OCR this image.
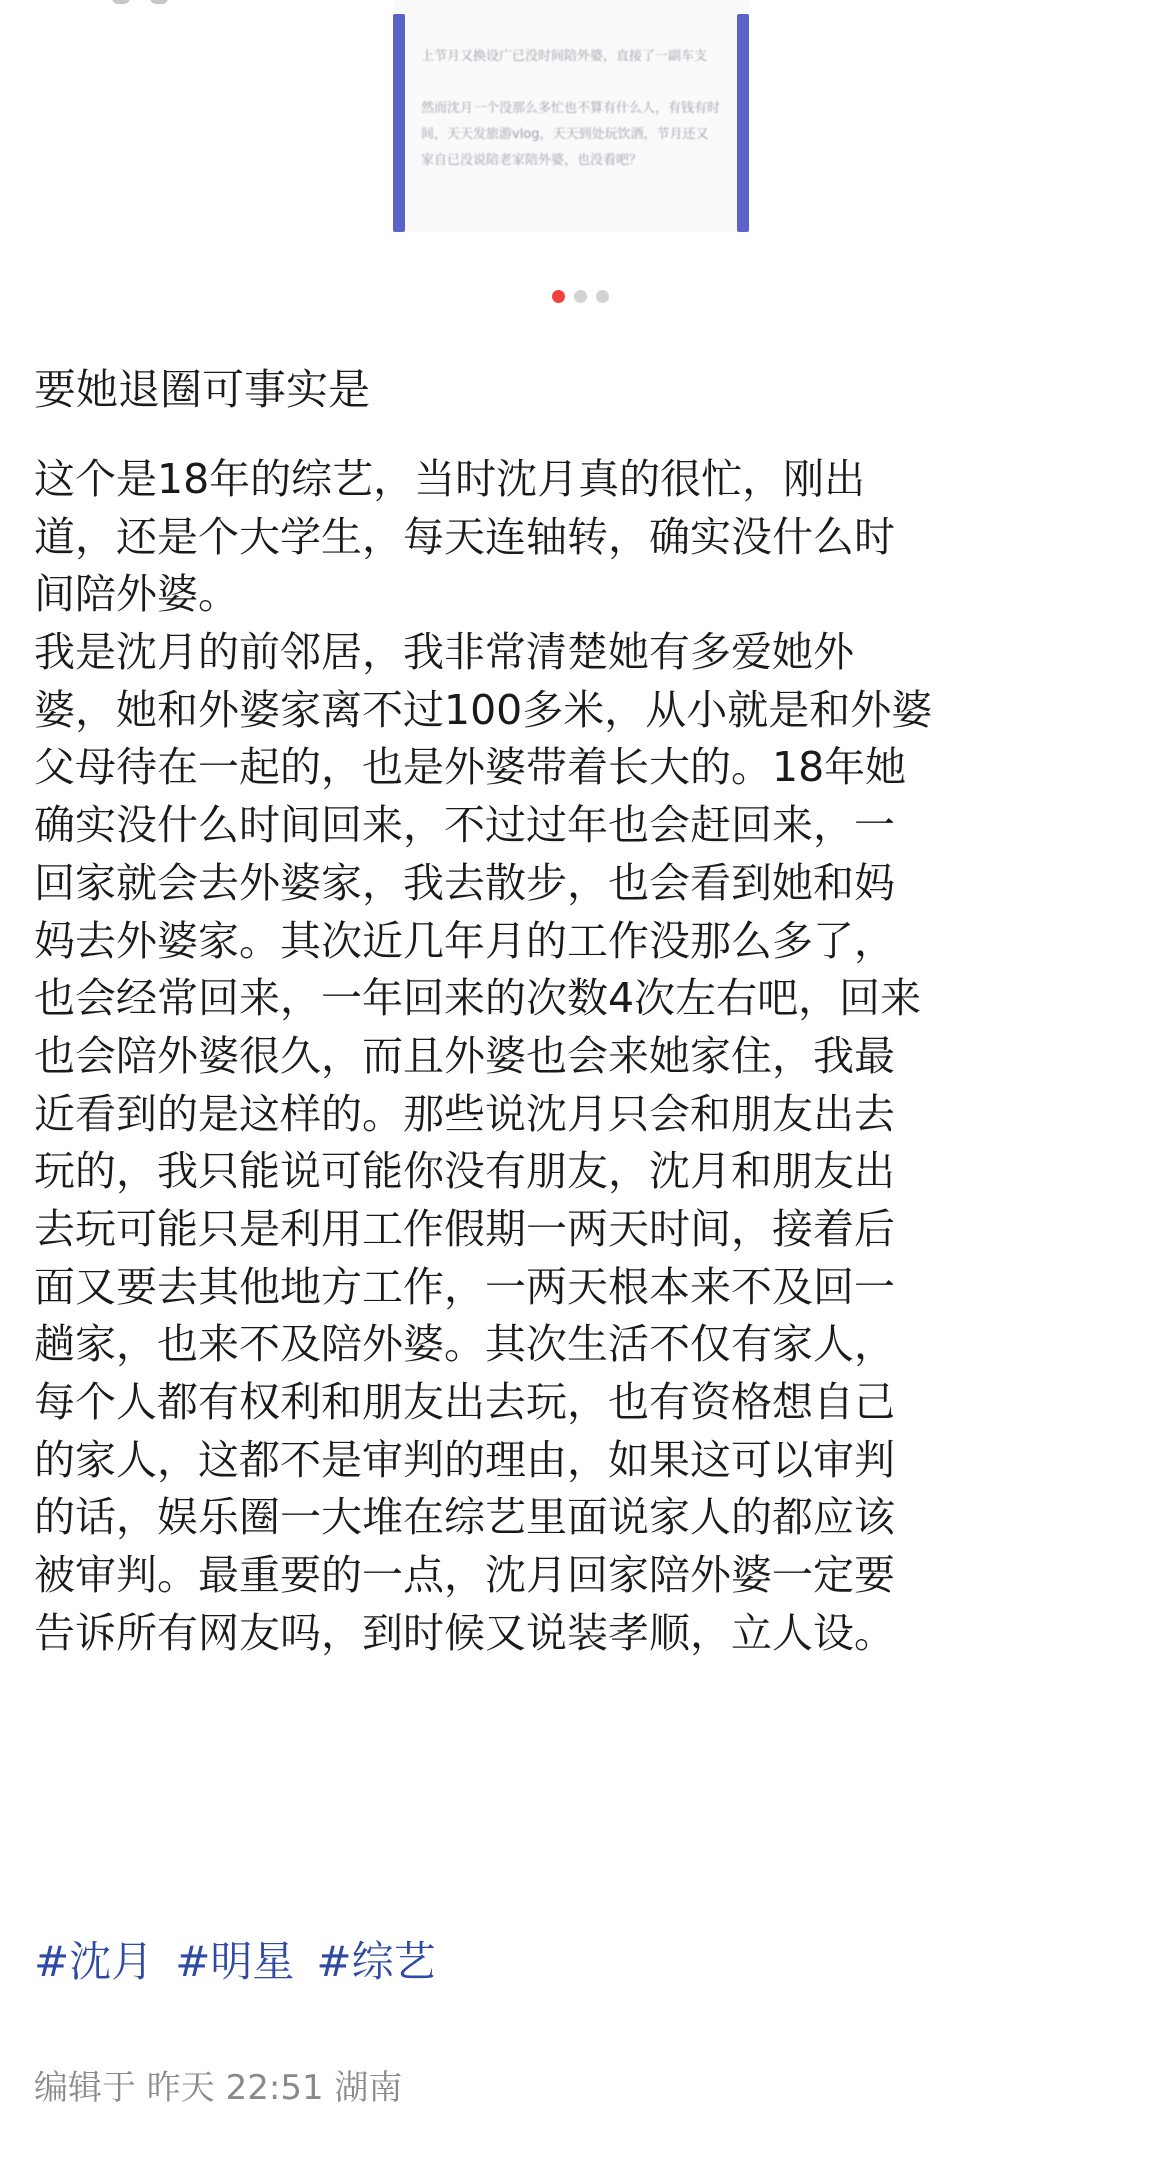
上节月又换设广已没时间陪外婆，直接了一副车支

然而沈月一个没那么多忙也不算有什么人，有钱有时间，天天发旅游vlog，天天到处玩饮酒，节月还又家自已没说陪老家陪外婆，也没看吧？

要她退圈可事实是
这个是18年的综艺，当时沈月真的很忙，刚出
道，还是个大学生，每天连轴转，确实没什么时
间陪外婆。
我是沈月的前邻居，我非常清楚她有多爱她外
婆，她和外婆家离不过100多米，从小就是和外婆
父母待在一起的，也是外婆带着长大的。18年她
确实没什么时间回来，不过过年也会赶回来，一
回家就会去外婆家，我去散步，也会看到她和妈
妈去外婆家。其次近几年月的工作没那么多了，
也会经常回来，一年回来的次数4次左右吧，回来
也会陪外婆很久，而且外婆也会来她家住，我最
近看到的是这样的。那些说沈月只会和朋友出去
玩的，我只能说可能你没有朋友，沈月和朋友出
去玩可能只是利用工作假期一两天时间，接着后
面又要去其他地方工作，一两天根本来不及回一
趟家，也来不及陪外婆。其次生活不仅有家人，
每个人都有权利和朋友出去玩，也有资格想自己
的家人，这都不是审判的理由，如果这可以审判
的话，娱乐圈一大堆在综艺里面说家人的都应该
被审判。最重要的一点，沈月回家陪外婆一定要
告诉所有网友吗，到时候又说装孝顺，立人设。
#沈月 #明星 #综艺
编辑于 昨天 22:51 湖南
